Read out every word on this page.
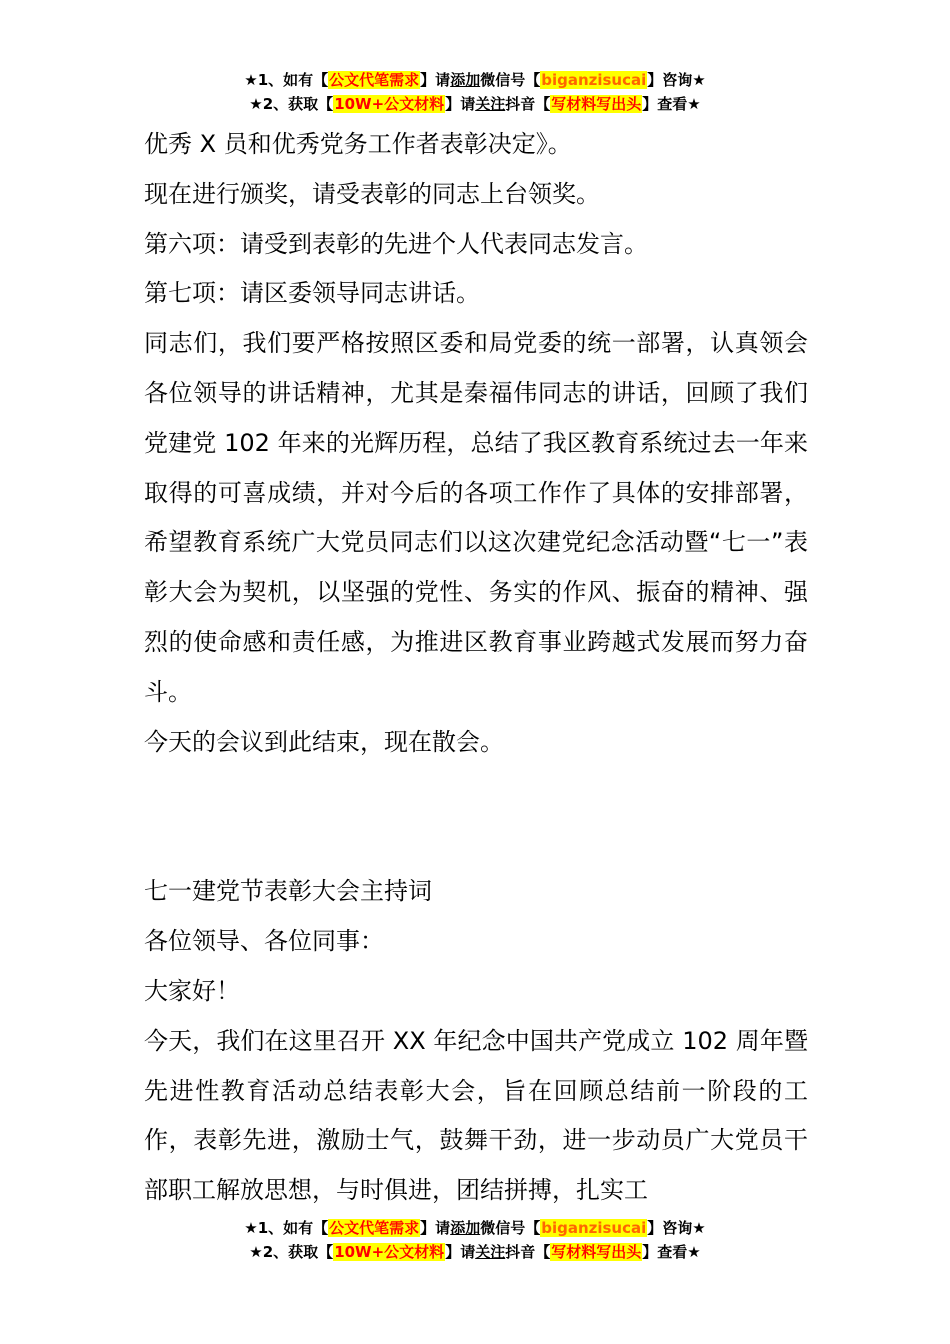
★1、如有【公文代笔需求】请添加微信号【biganzisucai】咨询★
★2、获取【10W+公文材料】请关注抖音【写材料写出头】查看★

优秀 X 员和优秀党务工作者表彰决定》。

现在进行颁奖，请受表彰的同志上台领奖。

第六项：请受到表彰的先进个人代表同志发言。

第七项：请区委领导同志讲话。

同志们，我们要严格按照区委和局党委的统一部署，认真领会各位领导的讲话精神，尤其是秦福伟同志的讲话，回顾了我们党建党 102 年来的光辉历程，总结了我区教育系统过去一年来取得的可喜成绩，并对今后的各项工作作了具体的安排部署，希望教育系统广大党员同志们以这次建党纪念活动暨“七一”表彰大会为契机，以坚强的党性、务实的作风、振奋的精神、强烈的使命感和责任感，为推进区教育事业跨越式发展而努力奋斗。

今天的会议到此结束，现在散会。

七一建党节表彰大会主持词

各位领导、各位同事：

大家好！

今天，我们在这里召开 XX 年纪念中国共产党成立 102 周年暨先进性教育活动总结表彰大会，旨在回顾总结前一阶段的工作，表彰先进，激励士气，鼓舞干劲，进一步动员广大党员干部职工解放思想，与时俱进，团结拼搏，扎实工

★1、如有【公文代笔需求】请添加微信号【biganzisucai】咨询★
★2、获取【10W+公文材料】请关注抖音【写材料写出头】查看★
